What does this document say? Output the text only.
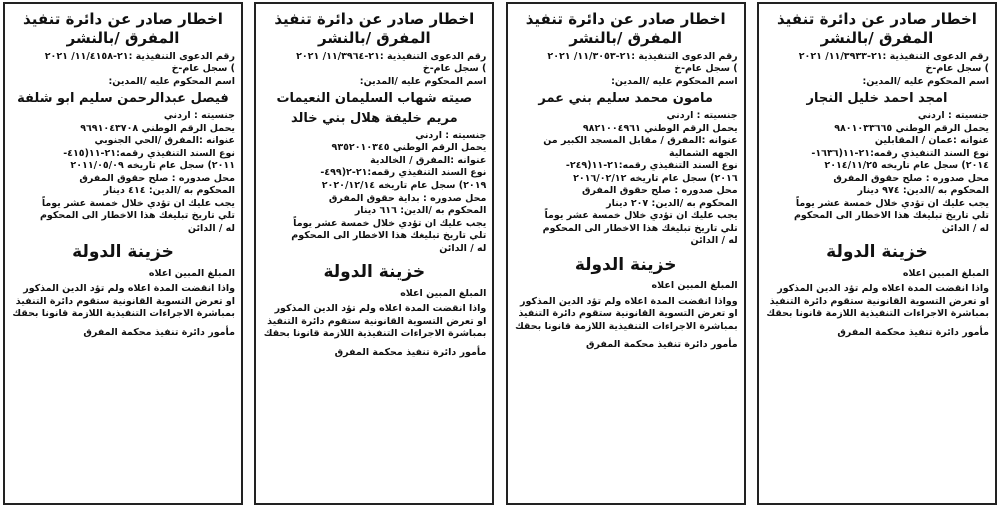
اخطار صادر عن دائرة تنفيذ

المفرق /بالنشر

رقم الدعوى التنفيذية :٢١-١١/٣٩٣٣/ ٢٠٢١

) سجل عام-خ

اسم المحكوم عليه /المدين:

امجد احمد خليل النجار

جنسيته : اردني

يحمل الرقم الوطني ٩٨٠١٠٣٣٦٦٥

عنوانه :عمان / المقابلين

نوع السند التنفيذي رقمه:٢١-١١(١٦٣٦-

٢٠١٤) سجل عام تاريخه ٢٠١٤/١١/٢٥

محل صدوره : صلح حقوق المفرق

المحكوم به /الدين: ٩٧٤ دينار

يجب عليك ان تؤدي خلال خمسة عشر يوماً

تلي تاريخ تبليغك هذا الاخطار الى المحكوم

له / الدائن

خزينة الدولة

المبلغ المبين اعلاه

واذا انقضت المدة اعلاه ولم تؤد الدين المذكور او تعرض التسوية القانونية ستقوم دائرة التنفيذ بمباشرة الاجراءات التنفيذية اللازمة قانونا بحقك

مأمور دائرة تنفيذ محكمة المفرق

اخطار صادر عن دائرة تنفيذ

المفرق /بالنشر

رقم الدعوى التنفيذية :٢١-١١/٣٠٥٣/ ٢٠٢١

) سجل عام-خ

اسم المحكوم عليه /المدين:

مامون محمد سليم بني عمر

جنسيته : اردني

يحمل الرقم الوطني ٩٨٢١٠٠٤٩٦١

عنوانه :المفرق / مقابل المسجد الكبير من

الجهه الشمالية

نوع السند التنفيذي رقمه:٢١-١١(٢٤٩-

٢٠١٦) سجل عام تاريخه ٢٠١٦/٠٢/١٢

محل صدوره : صلح حقوق المفرق

المحكوم به /الدين: ٢٠٧ دينار

يجب عليك ان تؤدي خلال خمسة عشر يوماً

تلي تاريخ تبليغك هذا الاخطار الى المحكوم

له / الدائن

خزينة الدولة

المبلغ المبين اعلاه

وواذا انقضت المدة اعلاه ولم تؤد الدين المذكور او تعرض التسوية القانونية ستقوم دائرة التنفيذ بمباشرة الاجراءات التنفيذية اللازمة قانونا بحقك

مأمور دائرة تنفيذ محكمة المفرق

اخطار صادر عن دائرة تنفيذ

المفرق /بالنشر

رقم الدعوى التنفيذية :٢١-١١/٣٩٦٤/ ٢٠٢١

) سجل عام-خ

اسم المحكوم عليه /المدين:

صيته شهاب السليمان النعيمات

مريم خليفة هلال بني خالد

جنسيته : اردني

يحمل الرقم الوطني ٩٣٥٢٠١٠٣٤٥

عنوانه :المفرق / الخالدية

نوع السند التنفيذي رقمه:٢١-٢(٤٩٩-

٢٠١٩) سجل عام تاريخه ٢٠٢٠/١٢/١٤

محل صدوره : بداية حقوق المفرق

المحكوم به /الدين: ٦١٦ دينار

يجب عليك ان تؤدي خلال خمسة عشر يوماً

تلي تاريخ تبليغك هذا الاخطار الى المحكوم

له / الدائن

خزينة الدولة

المبلغ المبين اعلاه

واذا انقضت المدة اعلاه ولم تؤد الدين المذكور او تعرض التسوية القانونية ستقوم دائرة التنفيذ بمباشرة الاجراءات التنفيذية اللازمة قانونا بحقك

مأمور دائرة تنفيذ محكمة المفرق

اخطار صادر عن دائرة تنفيذ

المفرق /بالنشر

رقم الدعوى التنفيذية :٢١-١١/٤١٥٨/ ٢٠٢١

) سجل عام-خ

اسم المحكوم عليه /المدين:

فيصل عبدالرحمن سليم ابو شلفة

جنسيته : اردني

يحمل الرقم الوطني ٩٦٩١٠٤٣٧٠٨

عنوانه :المفرق /الحي الجنوبي

نوع السند التنفيذي رقمه:٢١-١١(٤١٥-

٢٠١١) سجل عام تاريخه ٢٠١١/٠٥/٠٩

محل صدوره : صلح حقوق المفرق

المحكوم به /الدين: ٤١٤ دينار

يجب عليك ان تؤدي خلال خمسة عشر يوماً

تلي تاريخ تبليغك هذا الاخطار الى المحكوم

له / الدائن

خزينة الدولة

المبلغ المبين اعلاه

واذا انقضت المدة اعلاه ولم تؤد الدين المذكور او تعرض التسوية القانونية ستقوم دائرة التنفيذ بمباشرة الاجراءات التنفيذية اللازمة قانونا بحقك

مأمور دائرة تنفيذ محكمة المفرق
